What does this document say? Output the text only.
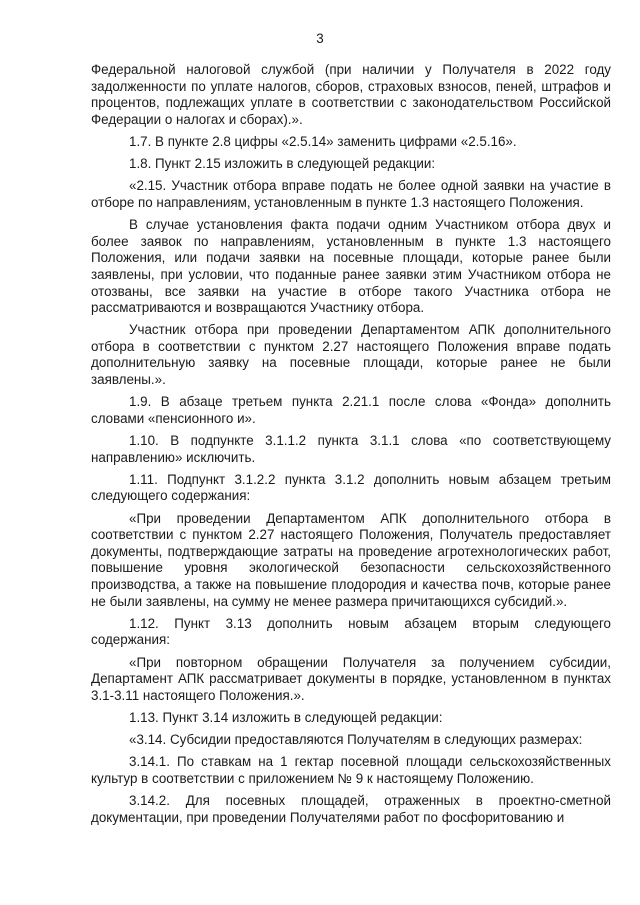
3

Федеральной налоговой службой (при наличии у Получателя в 2022 году задолженности по уплате налогов, сборов, страховых взносов, пеней, штрафов и процентов, подлежащих уплате в соответствии с законодательством Российской Федерации о налогах и сборах).».

1.7. В пункте 2.8 цифры «2.5.14» заменить цифрами «2.5.16».

1.8. Пункт 2.15 изложить в следующей редакции:

«2.15. Участник отбора вправе подать не более одной заявки на участие в отборе по направлениям, установленным в пункте 1.3 настоящего Положения.

В случае установления факта подачи одним Участником отбора двух и более заявок по направлениям, установленным в пункте 1.3 настоящего Положения, или подачи заявки на посевные площади, которые ранее были заявлены, при условии, что поданные ранее заявки этим Участником отбора не отозваны, все заявки на участие в отборе такого Участника отбора не рассматриваются и возвращаются Участнику отбора.

Участник отбора при проведении Департаментом АПК дополнительного отбора в соответствии с пунктом 2.27 настоящего Положения вправе подать дополнительную заявку на посевные площади, которые ранее не были заявлены.».

1.9. В абзаце третьем пункта 2.21.1 после слова «Фонда» дополнить словами «пенсионного и».

1.10. В подпункте 3.1.1.2 пункта 3.1.1 слова «по соответствующему направлению» исключить.

1.11. Подпункт 3.1.2.2 пункта 3.1.2 дополнить новым абзацем третьим следующего содержания:

«При проведении Департаментом АПК дополнительного отбора в соответствии с пунктом 2.27 настоящего Положения, Получатель предоставляет документы, подтверждающие затраты на проведение агротехнологических работ, повышение уровня экологической безопасности сельскохозяйственного производства, а также на повышение плодородия и качества почв, которые ранее не были заявлены, на сумму не менее размера причитающихся субсидий.».

1.12. Пункт 3.13 дополнить новым абзацем вторым следующего содержания:

«При повторном обращении Получателя за получением субсидии, Департамент АПК рассматривает документы в порядке, установленном в пунктах 3.1-3.11 настоящего Положения.».

1.13. Пункт 3.14 изложить в следующей редакции:

«3.14. Субсидии предоставляются Получателям в следующих размерах:

3.14.1. По ставкам на 1 гектар посевной площади сельскохозяйственных культур в соответствии с приложением № 9 к настоящему Положению.

3.14.2. Для посевных площадей, отраженных в проектно-сметной документации, при проведении Получателями работ по фосфоритованию и
